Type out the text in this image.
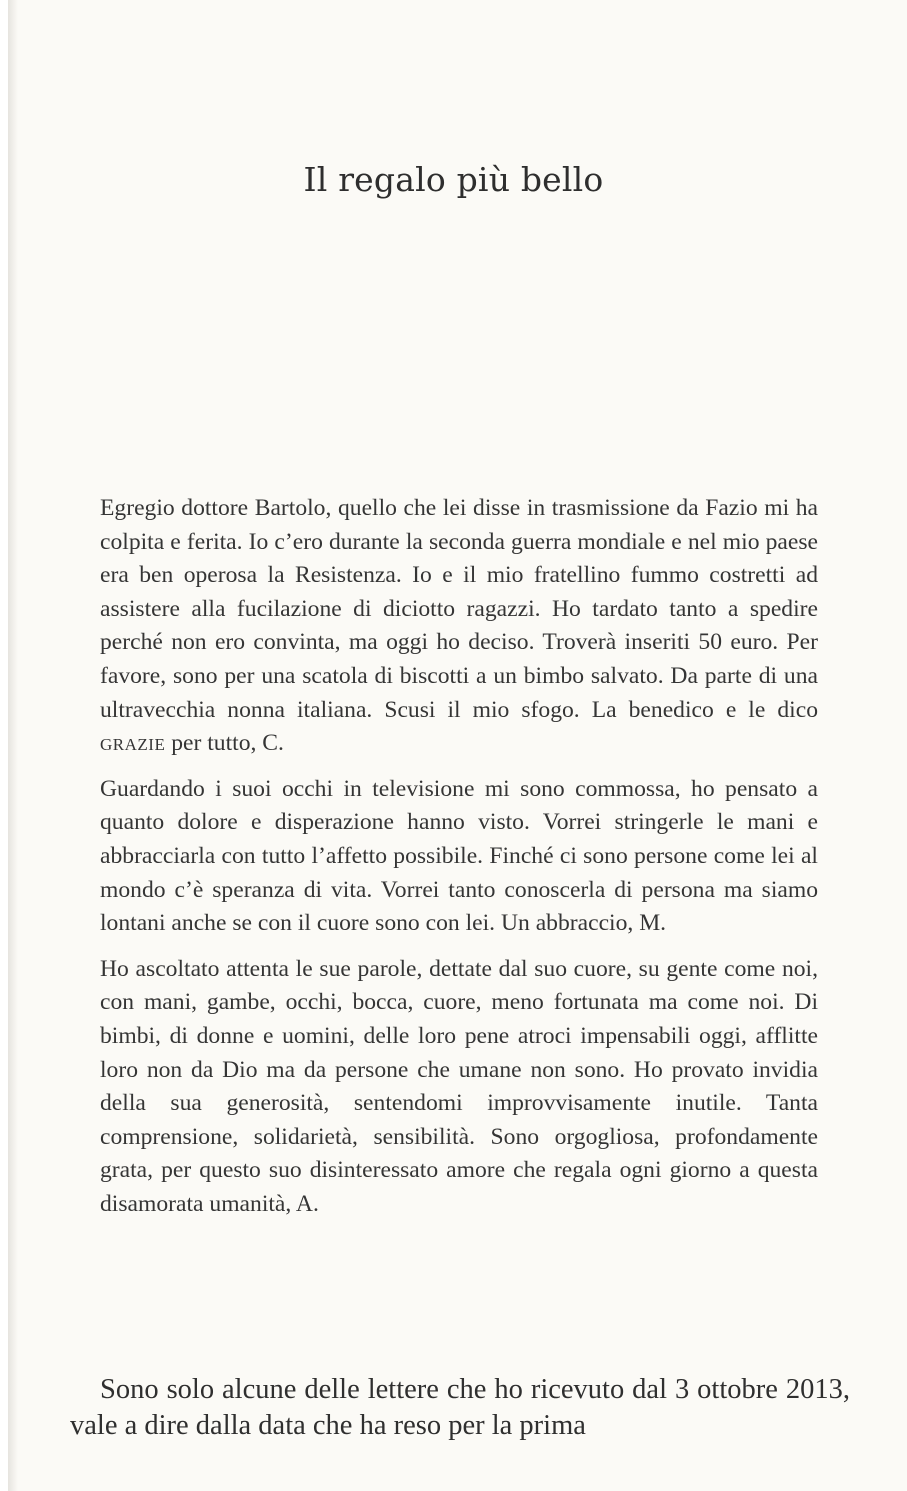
Il regalo più bello

Egregio dottore Bartolo, quello che lei disse in trasmissione da Fazio mi ha colpita e ferita. Io c’ero durante la seconda guerra mondiale e nel mio paese era ben operosa la Resistenza. Io e il mio fratellino fummo costretti ad assistere alla fucilazione di diciotto ragazzi. Ho tardato tanto a spedire perché non ero convinta, ma oggi ho deciso. Troverà inseriti 50 euro. Per favore, sono per una scatola di biscotti a un bimbo salvato. Da parte di una ultravecchia nonna italiana. Scusi il mio sfogo. La benedico e le dico grazie per tutto, C.

Guardando i suoi occhi in televisione mi sono commossa, ho pensato a quanto dolore e disperazione hanno visto. Vorrei stringerle le mani e abbracciarla con tutto l’affetto possibile. Finché ci sono persone come lei al mondo c’è speranza di vita. Vorrei tanto conoscerla di persona ma siamo lontani anche se con il cuore sono con lei. Un abbraccio, M.

Ho ascoltato attenta le sue parole, dettate dal suo cuore, su gente come noi, con mani, gambe, occhi, bocca, cuore, meno fortunata ma come noi. Di bimbi, di donne e uomini, delle loro pene atroci impensabili oggi, afflitte loro non da Dio ma da persone che umane non sono. Ho provato invidia della sua generosità, sentendomi improvvisamente inutile. Tanta comprensione, solidarietà, sensibilità. Sono orgogliosa, profondamente grata, per questo suo disinteressato amore che regala ogni giorno a questa disamorata umanità, A.

Sono solo alcune delle lettere che ho ricevuto dal 3 ottobre 2013, vale a dire dalla data che ha reso per la prima
